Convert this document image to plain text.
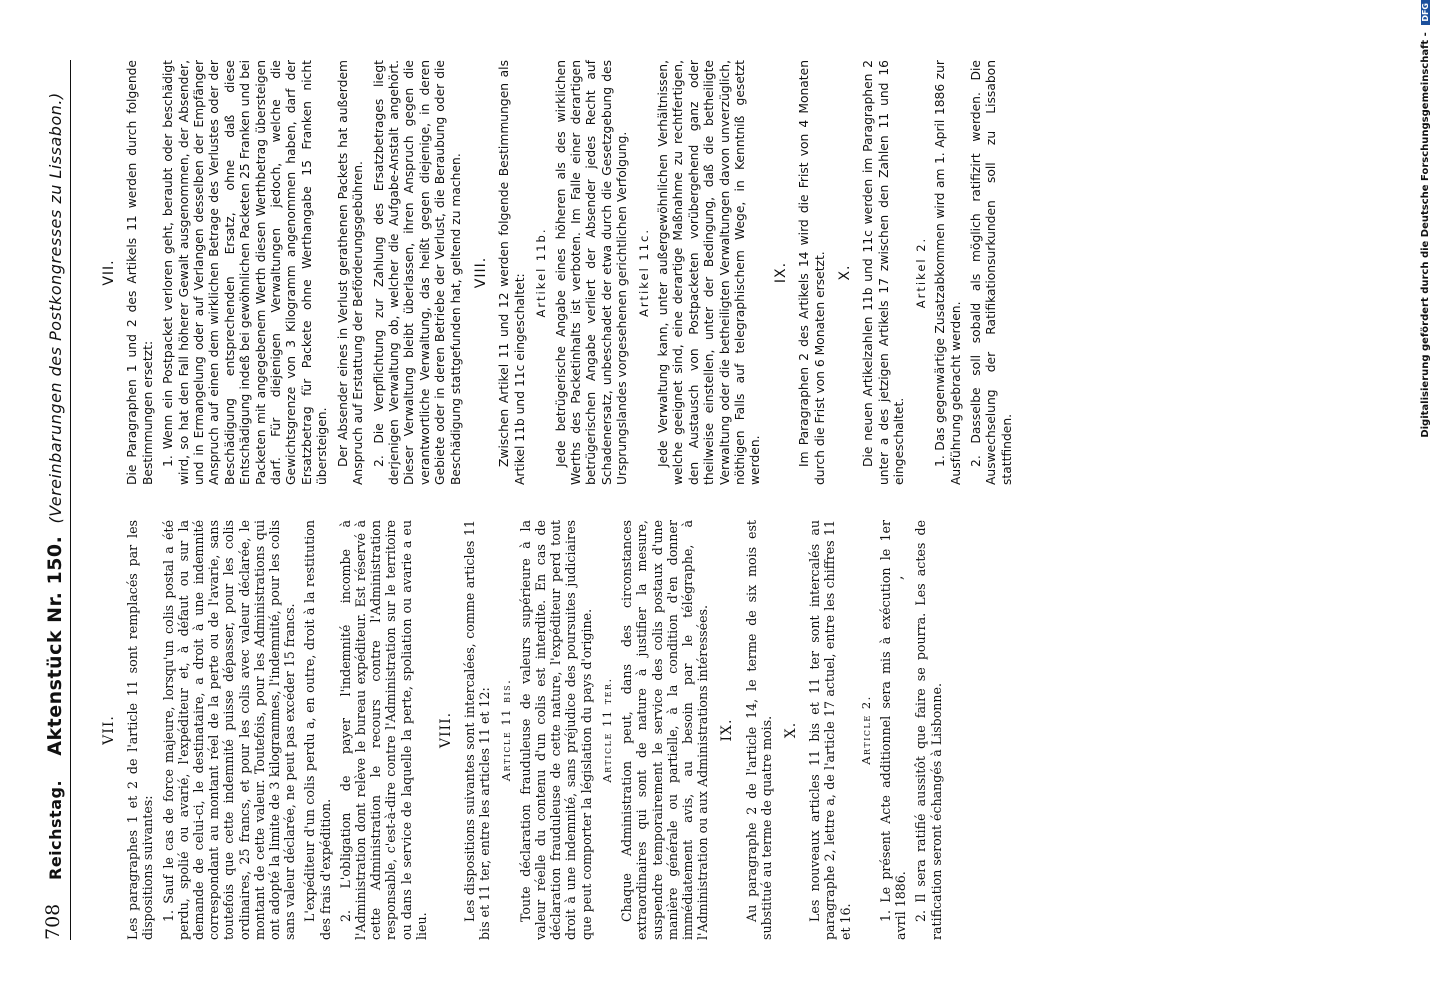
708
Reichstag.    Aktenstück Nr. 150.  (Vereinbarungen des Postkongresses zu Lissabon.)
VII. Les paragraphes 1 et 2 de l'article 11 sont remplacés par les dispositions suivantes: 1. Sauf le cas de force majeure, lorsqu'un colis postal a été perdu, spolié ou avarié, l'expéditeur et, à défaut ou sur la demande de celui-ci, le destinataire, a droit à une indemnité correspondant au montant réel de la perte ou de l'avarie, sans toutefois que cette indemnité puisse dépasser, pour les colis ordinaires, 25 francs, et pour les colis avec valeur déclarée, le montant de cette valeur. Toutefois, pour les Administrations qui ont adopté la limite de 3 kilogrammes, l'indemnité, pour les colis sans valeur déclarée, ne peut pas excéder 15 francs. L'expéditeur d'un colis perdu a, en outre, droit à la restitution des frais d'expédition. 2. L'obligation de payer l'indemnité incombe à l'Administration dont relève le bureau expéditeur. Est réservé à cette Administration le recours contre l'Administration responsable, c'est-à-dire contre l'Administration sur le territoire ou dans le service de laquelle la perte, spoliation ou avarie a eu lieu.

VIII. Les dispositions suivantes sont intercalées, comme articles 11 bis et 11 ter, entre les articles 11 et 12: Article 11 bis. Toute déclaration frauduleuse de valeurs supérieure à la valeur réelle du contenu d'un colis est interdite. En cas de déclaration frauduleuse de cette nature, l'expéditeur perd tout droit à une indemnité, sans préjudice des poursuites judiciaires que peut comporter la législation du pays d'origine. Article 11 ter. Chaque Administration peut, dans des circonstances extraordinaires qui sont de nature à justifier la mesure, suspendre temporairement le service des colis postaux d'une manière générale ou partielle, à la condition d'en donner immédiatement avis, au besoin par le télégraphe, à l'Administration ou aux Administrations intéressées. IX. Au paragraphe 2 de l'article 14, le terme de six mois est substitué au terme de quatre mois. X. Les nouveaux articles 11 bis et 11 ter sont intercalés au paragraphe 2, lettre a, de l'article 17 actuel, entre les chiffres 11 et 16.

Article 2. 1. Le présent Acte additionnel sera mis à exécution le 1er avril 1886. 2. Il sera ratifié aussitôt que faire se pourra. Les actes de ratification seront échangés à Lisbonne.

,
VII. Die Paragraphen 1 und 2 des Artikels 11 werden durch folgende Bestimmungen ersetzt: 1. Wenn ein Postpacket verloren geht, beraubt oder beschädigt wird, so hat den Fall höherer Gewalt ausgenommen, der Absender, und in Ermangelung oder auf Verlangen desselben der Empfänger Anspruch auf einen dem wirklichen Betrage des Verlustes oder der Beschädigung entsprechenden Ersatz, ohne daß diese Entschädigung indeß bei gewöhnlichen Packeten 25 Franken und bei Packeten mit angegebenem Werth diesen Werthbetrag übersteigen darf. Für diejenigen Verwaltungen jedoch, welche die Gewichtsgrenze von 3 Kilogramm angenommen haben, darf der Ersatzbetrag für Packete ohne Werthangabe 15 Franken nicht übersteigen. Der Absender eines in Verlust gerathenen Packets hat außerdem Anspruch auf Erstattung der Beförderungsgebühren. 2. Die Verpflichtung zur Zahlung des Ersatzbetrages liegt derjenigen Verwaltung ob, welcher die Aufgabe-Anstalt angehört. Dieser Verwaltung bleibt überlassen, ihren Anspruch gegen die verantwortliche Verwaltung, das heißt gegen diejenige, in deren Gebiete oder in deren Betriebe der Verlust, die Beraubung oder die Beschädigung stattgefunden hat, geltend zu machen. VIII. Zwischen Artikel 11 und 12 werden folgende Bestimmungen als Artikel 11b und 11c eingeschaltet:

Artikel 11b. Jede betrügerische Angabe eines höheren als des wirklichen Werths des Packetinhalts ist verboten. Im Falle einer derartigen betrügerischen Angabe verliert der Absender jedes Recht auf Schadenersatz, unbeschadet der etwa durch die Gesetzgebung des Ursprungslandes vorgesehenen gerichtlichen Verfolgung. Artikel 11c. Jede Verwaltung kann, unter außergewöhnlichen Verhältnissen, welche geeignet sind, eine derartige Maßnahme zu rechtfertigen, den Austausch von Postpacketen vorübergehend ganz oder theilweise einstellen, unter der Bedingung, daß die betheiligte Verwaltung oder die betheiligten Verwaltungen davon unverzüglich, nöthigen Falls auf telegraphischem Wege, in Kenntniß gesetzt werden.

IX. Im Paragraphen 2 des Artikels 14 wird die Frist von 4 Monaten durch die Frist von 6 Monaten ersetzt. X. Die neuen Artikelzahlen 11b und 11c werden im Paragraphen 2 unter a des jetzigen Artikels 17 zwischen den Zahlen 11 und 16 eingeschaltet.

Artikel 2. 1. Das gegenwärtige Zusatzabkommen wird am 1. April 1886 zur Ausführung gebracht werden. 2. Dasselbe soll sobald als möglich ratifizirt werden. Die Auswechselung der Ratifikationsurkunden soll zu Lissabon stattfinden.

Digitalisierung gefördert durch die Deutsche Forschungsgemeinschaft - DFG
